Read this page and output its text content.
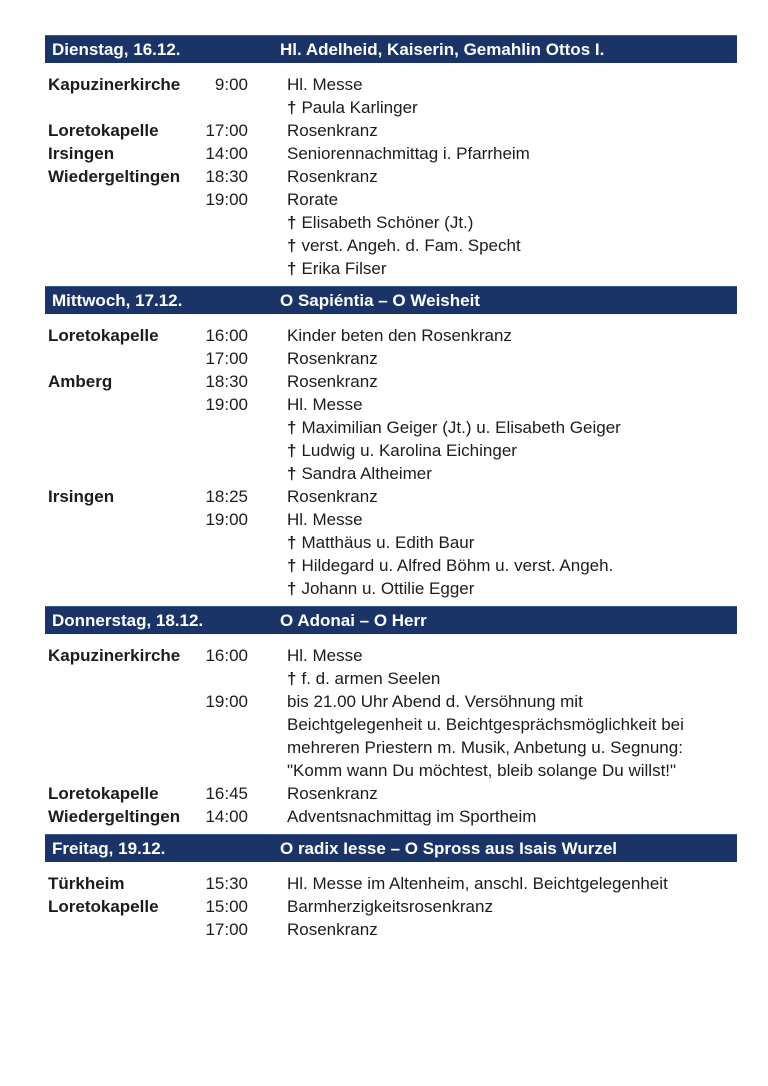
Dienstag, 16.12.	Hl. Adelheid, Kaiserin, Gemahlin Ottos I.
Kapuzinerkirche	9:00 Hl. Messe
† Paula Karlinger
Loretokapelle	17:00 Rosenkranz
Irsingen	14:00 Seniorennachmittag i. Pfarrheim
Wiedergeltingen	18:30 Rosenkranz
19:00 Rorate
† Elisabeth Schöner (Jt.)
† verst. Angeh. d. Fam. Specht
† Erika Filser
Mittwoch, 17.12.	O Sapiéntia – O Weisheit
Loretokapelle	16:00 Kinder beten den Rosenkranz
17:00 Rosenkranz
Amberg	18:30 Rosenkranz
19:00 Hl. Messe
† Maximilian Geiger (Jt.) u. Elisabeth Geiger
† Ludwig u. Karolina Eichinger
† Sandra Altheimer
Irsingen	18:25 Rosenkranz
19:00 Hl. Messe
† Matthäus u. Edith Baur
† Hildegard u. Alfred Böhm u. verst. Angeh.
† Johann u. Ottilie Egger
Donnerstag, 18.12.	O Adonai – O Herr
Kapuzinerkirche	16:00 Hl. Messe
† f. d. armen Seelen
19:00 bis 21.00 Uhr Abend d. Versöhnung mit
Beichtgelegenheit u. Beichtgesprächsmöglichkeit bei
mehreren Priestern m. Musik, Anbetung u. Segnung:
"Komm wann Du möchtest, bleib solange Du willst!"
Loretokapelle	16:45 Rosenkranz
Wiedergeltingen	14:00 Adventsnachmittag im Sportheim
Freitag, 19.12.	O radix Iesse – O Spross aus Isais Wurzel
Türkheim	15:30 Hl. Messe im Altenheim, anschl. Beichtgelegenheit
Loretokapelle	15:00 Barmherzigkeitsrosenkranz
17:00 Rosenkranz
